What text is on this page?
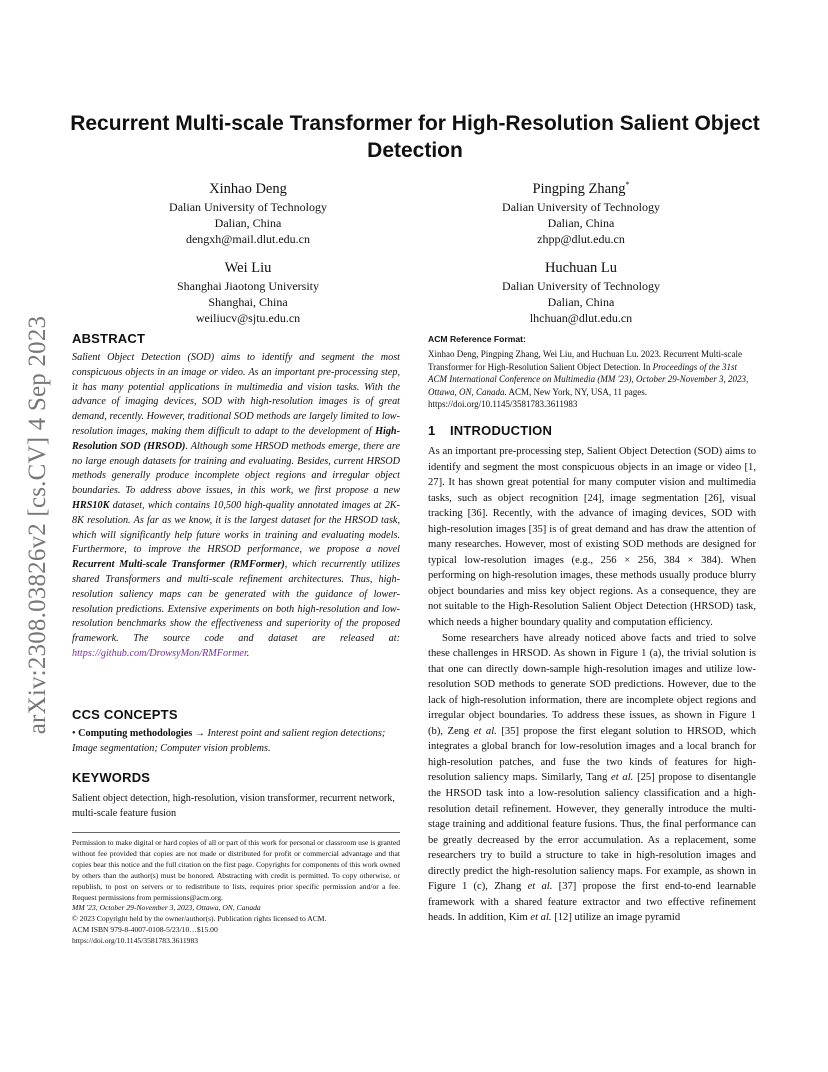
arXiv:2308.03826v2 [cs.CV] 4 Sep 2023
Recurrent Multi-scale Transformer for High-Resolution Salient Object Detection
Xinhao Deng
Dalian University of Technology
Dalian, China
dengxh@mail.dlut.edu.cn
Pingping Zhang*
Dalian University of Technology
Dalian, China
zhpp@dlut.edu.cn
Wei Liu
Shanghai Jiaotong University
Shanghai, China
weiliucv@sjtu.edu.cn
Huchuan Lu
Dalian University of Technology
Dalian, China
lhchuan@dlut.edu.cn
ABSTRACT
Salient Object Detection (SOD) aims to identify and segment the most conspicuous objects in an image or video. As an important pre-processing step, it has many potential applications in multimedia and vision tasks. With the advance of imaging devices, SOD with high-resolution images is of great demand, recently. However, traditional SOD methods are largely limited to low-resolution images, making them difficult to adapt to the development of High-Resolution SOD (HRSOD). Although some HRSOD methods emerge, there are no large enough datasets for training and evaluating. Besides, current HRSOD methods generally produce incomplete object regions and irregular object boundaries. To address above issues, in this work, we first propose a new HRS10K dataset, which contains 10,500 high-quality annotated images at 2K-8K resolution. As far as we know, it is the largest dataset for the HRSOD task, which will significantly help future works in training and evaluating models. Furthermore, to improve the HRSOD performance, we propose a novel Recurrent Multi-scale Transformer (RMFormer), which recurrently utilizes shared Transformers and multi-scale refinement architectures. Thus, high-resolution saliency maps can be generated with the guidance of lower-resolution predictions. Extensive experiments on both high-resolution and low-resolution benchmarks show the effectiveness and superiority of the proposed framework. The source code and dataset are released at: https://github.com/DrowsyMon/RMFormer.
CCS CONCEPTS
• Computing methodologies → Interest point and salient region detections; Image segmentation; Computer vision problems.
KEYWORDS
Salient object detection, high-resolution, vision transformer, recurrent network, multi-scale feature fusion

Permission to make digital or hard copies of all or part of this work for personal or classroom use is granted without fee provided that copies are not made or distributed for profit or commercial advantage and that copies bear this notice and the full citation on the first page. Copyrights for components of this work owned by others than the author(s) must be honored. Abstracting with credit is permitted. To copy otherwise, or republish, to post on servers or to redistribute to lists, requires prior specific permission and/or a fee. Request permissions from permissions@acm.org.

MM '23, October 29-November 3, 2023, Ottawa, ON, Canada

© 2023 Copyright held by the owner/author(s). Publication rights licensed to ACM.

ACM ISBN 979-8-4007-0108-5/23/10…$15.00

https://doi.org/10.1145/3581783.3611983

ACM Reference Format:
Xinhao Deng, Pingping Zhang, Wei Liu, and Huchuan Lu. 2023. Recurrent Multi-scale Transformer for High-Resolution Salient Object Detection. In Proceedings of the 31st ACM International Conference on Multimedia (MM '23), October 29-November 3, 2023, Ottawa, ON, Canada. ACM, New York, NY, USA, 11 pages. https://doi.org/10.1145/3581783.3611983
1 INTRODUCTION

As an important pre-processing step, Salient Object Detection (SOD) aims to identify and segment the most conspicuous objects in an image or video [1, 27]. It has shown great potential for many computer vision and multimedia tasks, such as object recognition [24], image segmentation [26], visual tracking [36]. Recently, with the advance of imaging devices, SOD with high-resolution images [35] is of great demand and has draw the attention of many researches. However, most of existing SOD methods are designed for typical low-resolution images (e.g., 256 × 256, 384 × 384). When performing on high-resolution images, these methods usually produce blurry object boundaries and miss key object regions. As a consequence, they are not suitable to the High-Resolution Salient Object Detection (HRSOD) task, which needs a higher boundary quality and computation efficiency.

Some researchers have already noticed above facts and tried to solve these challenges in HRSOD. As shown in Figure 1 (a), the trivial solution is that one can directly down-sample high-resolution images and utilize low-resolution SOD methods to generate SOD predictions. However, due to the lack of high-resolution information, there are incomplete object regions and irregular object boundaries. To address these issues, as shown in Figure 1 (b), Zeng et al. [35] propose the first elegant solution to HRSOD, which integrates a global branch for low-resolution images and a local branch for high-resolution patches, and fuse the two kinds of features for high-resolution saliency maps. Similarly, Tang et al. [25] propose to disentangle the HRSOD task into a low-resolution saliency classification and a high-resolution detail refinement. However, they generally introduce the multi-stage training and additional feature fusions. Thus, the final performance can be greatly decreased by the error accumulation. As a replacement, some researchers try to build a structure to take in high-resolution images and directly predict the high-resolution saliency maps. For example, as shown in Figure 1 (c), Zhang et al. [37] propose the first end-to-end learnable framework with a shared feature extractor and two effective refinement heads. In addition, Kim et al. [12] utilize an image pyramid
